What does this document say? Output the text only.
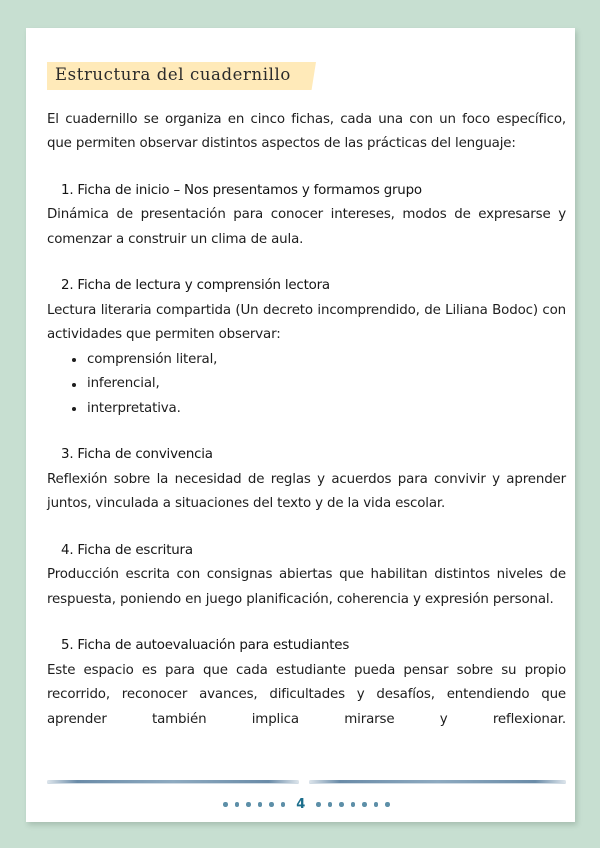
Estructura del cuadernillo

El cuadernillo se organiza en cinco fichas, cada una con un foco específico, que permiten observar distintos aspectos de las prácticas del lenguaje:

1. Ficha de inicio – Nos presentamos y formamos grupo

Dinámica de presentación para conocer intereses, modos de expresarse y comenzar a construir un clima de aula.

2. Ficha de lectura y comprensión lectora

Lectura literaria compartida (Un decreto incomprendido, de Liliana Bodoc) con actividades que permiten observar:

comprensión literal,
inferencial,
interpretativa.
3. Ficha de convivencia

Reflexión sobre la necesidad de reglas y acuerdos para convivir y aprender juntos, vinculada a situaciones del texto y de la vida escolar.

4. Ficha de escritura

Producción escrita con consignas abiertas que habilitan distintos niveles de respuesta, poniendo en juego planificación, coherencia y expresión personal.

5. Ficha de autoevaluación para estudiantes

Este espacio es para que cada estudiante pueda pensar sobre su propio recorrido, reconocer avances, dificultades y desafíos, entendiendo que aprender también implica mirarse y reflexionar.

4
